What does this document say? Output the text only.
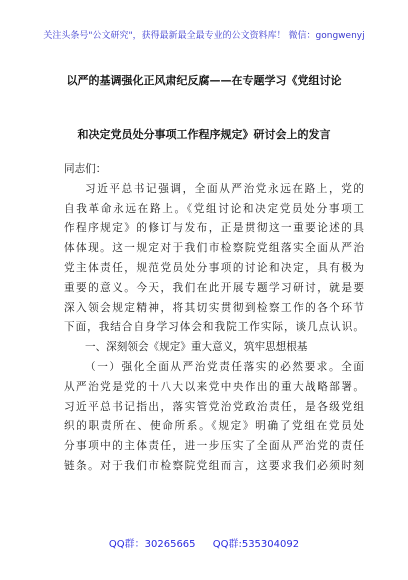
关注头条号"公文研究"，获得最新最全最专业的公文资料库！ 微信：gongwenyj
以严的基调强化正风肃纪反腐——在专题学习《党组讨论
和决定党员处分事项工作程序规定》研讨会上的发言
同志们：
习近平总书记强调，全面从严治党永远在路上，党的
自我革命永远在路上。《党组讨论和决定党员处分事项工
作程序规定》的修订与发布，正是贯彻这一重要论述的具
体体现。这一规定对于我们市检察院党组落实全面从严治
党主体责任，规范党员处分事项的讨论和决定，具有极为
重要的意义。今天，我们在此开展专题学习研讨，就是要
深入领会规定精神，将其切实贯彻到检察工作的各个环节
下面，我结合自身学习体会和我院工作实际，谈几点认识。
一、深刻领会《规定》重大意义，筑牢思想根基
（一）强化全面从严治党责任落实的必然要求。全面
从严治党是党的十八大以来党中央作出的重大战略部署。
习近平总书记指出，落实管党治党政治责任，是各级党组
织的职责所在、使命所系。《规定》明确了党组在党员处
分事项中的主体责任，进一步压实了全面从严治党的责任
链条。对于我们市检察院党组而言，这要求我们必须时刻
QQ群：30265665 QQ群:535304092
